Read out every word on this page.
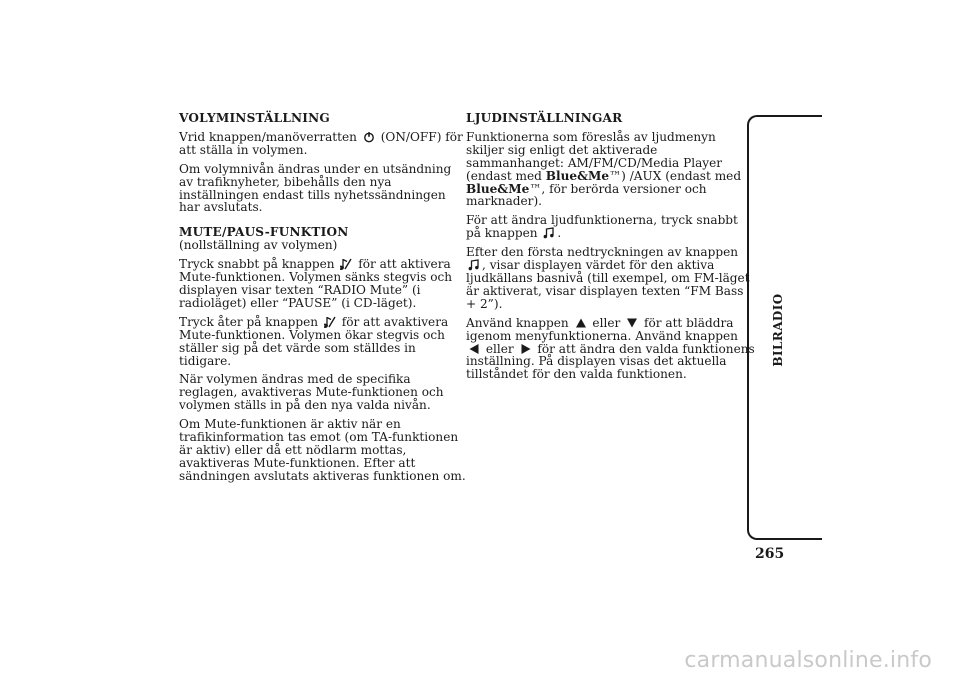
VOLYMINSTÄLLNING

Vrid knappen/manöverratten (ON/OFF) för att ställa in volymen.

Om volymnivån ändras under en utsändning av trafiknyheter, bibehålls den nya inställningen endast tills nyhetssändningen har avslutats.

MUTE/PAUS-FUNKTION

(nollställning av volymen)

Tryck snabbt på knappen för att aktivera Mute-funktionen. Volymen sänks stegvis och displayen visar texten “RADIO Mute” (i radioläget) eller “PAUSE” (i CD-läget).

Tryck åter på knappen för att avaktivera Mute-funktionen. Volymen ökar stegvis och ställer sig på det värde som ställdes in tidigare.

När volymen ändras med de specifika reglagen, avaktiveras Mute-funktionen och volymen ställs in på den nya valda nivån.

Om Mute-funktionen är aktiv när en trafikinformation tas emot (om TA-funktionen är aktiv) eller då ett nödlarm mottas, avaktiveras Mute-funktionen. Efter att sändningen avslutats aktiveras funktionen om.

LJUDINSTÄLLNINGAR

Funktionerna som föreslås av ljudmenyn skiljer sig enligt det aktiverade sammanhanget: AM/FM/CD/Media Player (endast med Blue&Me™) /AUX (endast med Blue&Me™, för berörda versioner och marknader).

För att ändra ljudfunktionerna, tryck snabbt på knappen .

Efter den första nedtryckningen av knappen
, visar displayen värdet för den aktiva ljudkällans basnivå (till exempel, om FM-läget är aktiverat, visar displayen texten “FM Bass + 2”).

Använd knappen eller för att bläddra igenom menyfunktionerna. Använd knappen
eller för att ändra den valda funktionens inställning. På displayen visas det aktuella tillståndet för den valda funktionen.

BILRADIO
265
carmanualsonline.info
